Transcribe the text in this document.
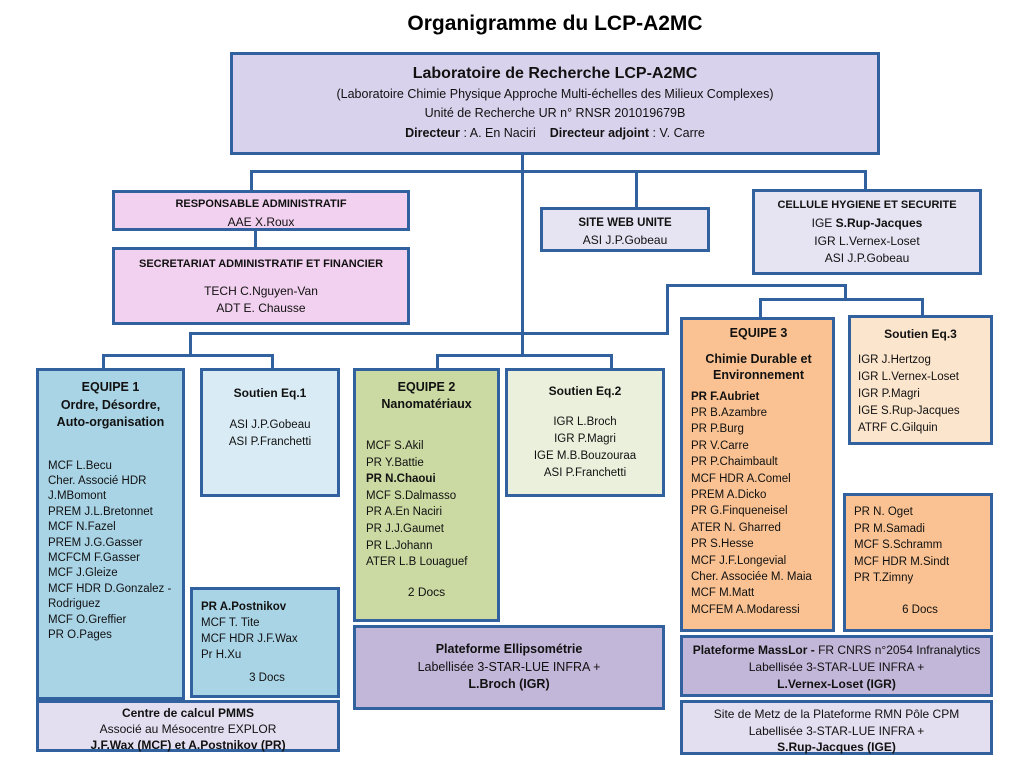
Organigramme du LCP-A2MC
Laboratoire de Recherche LCP-A2MC
(Laboratoire Chimie Physique Approche Multi-échelles des Milieux Complexes)
Unité de Recherche UR n° RNSR 201019679B
Directeur : A. En Naciri Directeur adjoint : V. Carre
RESPONSABLE ADMINISTRATIF
AAE X.Roux
SECRETARIAT ADMINISTRATIF ET FINANCIER
TECH C.Nguyen-Van
ADT E. Chausse
SITE WEB UNITE
ASI J.P.Gobeau
CELLULE HYGIENE ET SECURITE
IGE S.Rup-Jacques
IGR L.Vernex-Loset
ASI J.P.Gobeau
EQUIPE 1
Ordre, Désordre,
Auto-organisation
MCF L.Becu
Cher. Associé HDR J.MBomont
PREM J.L.Bretonnet
MCF N.Fazel
PREM J.G.Gasser
MCFCM F.Gasser
MCF J.Gleize
MCF HDR D.Gonzalez - Rodriguez
MCF O.Greffier
PR O.Pages
Soutien Eq.1
ASI J.P.Gobeau
ASI P.Franchetti
PR A.Postnikov
MCF T. Tite
MCF HDR J.F.Wax
Pr H.Xu
3 Docs
Centre de calcul PMMS
Associé au Mésocentre EXPLOR
J.F.Wax (MCF) et A.Postnikov (PR)
EQUIPE 2
Nanomatériaux
MCF S.Akil
PR Y.Battie
PR N.Chaoui
MCF S.Dalmasso
PR A.En Naciri
PR J.J.Gaumet
PR L.Johann
ATER L.B Louaguef
2 Docs
Soutien Eq.2
IGR L.Broch
IGR P.Magri
IGE M.B.Bouzouraa
ASI P.Franchetti
Plateforme Ellipsométrie
Labellisée 3-STAR-LUE INFRA +
L.Broch (IGR)
EQUIPE 3
Chimie Durable et
Environnement
PR F.Aubriet
PR B.Azambre
PR P.Burg
PR V.Carre
PR P.Chaimbault
MCF HDR A.Comel
PREM A.Dicko
PR G.Finqueneisel
ATER N. Gharred
PR S.Hesse
MCF J.F.Longevial
Cher. Associée M. Maia
MCF M.Matt
MCFEM A.Modaressi
Soutien Eq.3
IGR J.Hertzog
IGR L.Vernex-Loset
IGR P.Magri
IGE S.Rup-Jacques
ATRF C.Gilquin
PR N. Oget
PR M.Samadi
MCF S.Schramm
MCF HDR M.Sindt
PR T.Zimny
6 Docs
Plateforme MassLor - FR CNRS n°2054 Infranalytics
Labellisée 3-STAR-LUE INFRA +
L.Vernex-Loset (IGR)
Site de Metz de la Plateforme RMN Pôle CPM
Labellisée 3-STAR-LUE INFRA +
S.Rup-Jacques (IGE)
